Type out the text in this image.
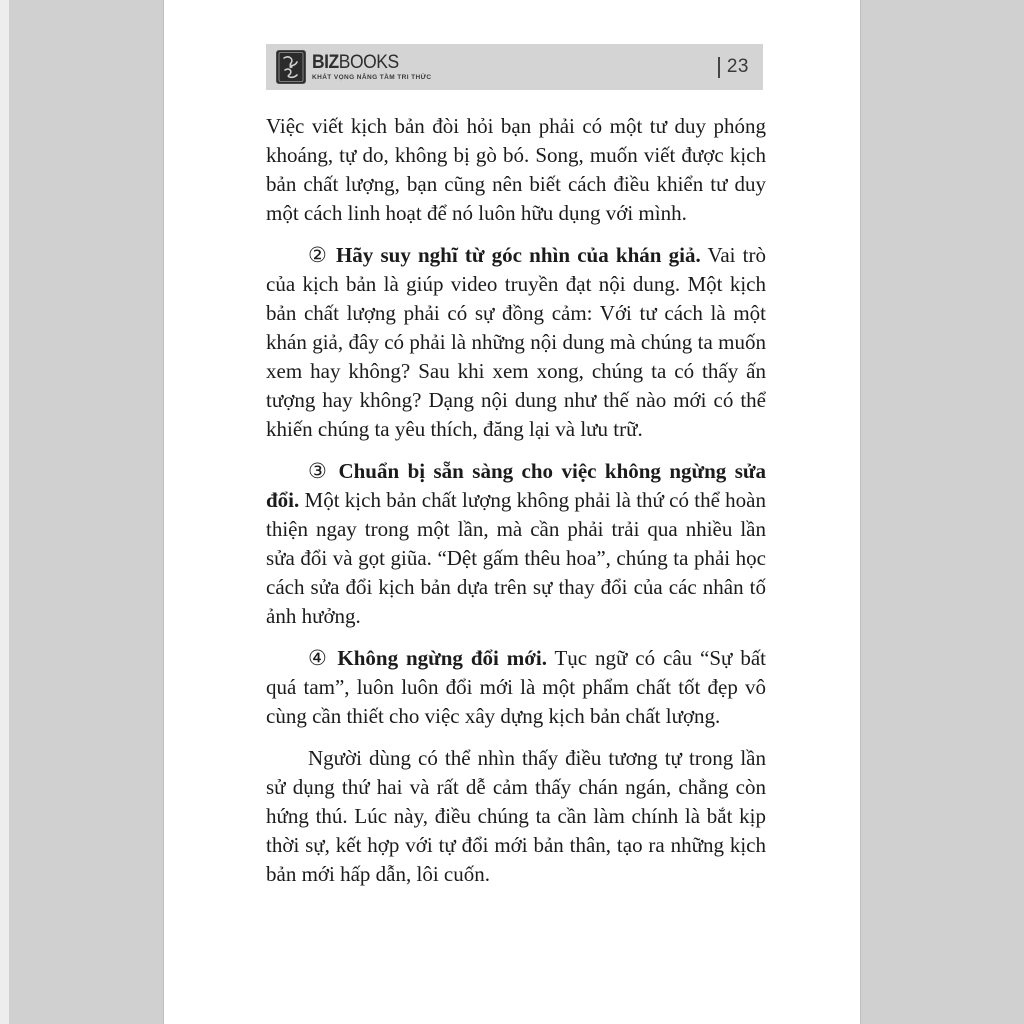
BIZBOOKS
KHÁT VỌNG NÂNG TẦM TRI THỨC
23

Việc viết kịch bản đòi hỏi bạn phải có một tư duy phóng khoáng, tự do, không bị gò bó. Song, muốn viết được kịch bản chất lượng, bạn cũng nên biết cách điều khiển tư duy một cách linh hoạt để nó luôn hữu dụng với mình.

② Hãy suy nghĩ từ góc nhìn của khán giả. Vai trò của kịch bản là giúp video truyền đạt nội dung. Một kịch bản chất lượng phải có sự đồng cảm: Với tư cách là một khán giả, đây có phải là những nội dung mà chúng ta muốn xem hay không? Sau khi xem xong, chúng ta có thấy ấn tượng hay không? Dạng nội dung như thế nào mới có thể khiến chúng ta yêu thích, đăng lại và lưu trữ.

③ Chuẩn bị sẵn sàng cho việc không ngừng sửa đổi. Một kịch bản chất lượng không phải là thứ có thể hoàn thiện ngay trong một lần, mà cần phải trải qua nhiều lần sửa đổi và gọt giũa. “Dệt gấm thêu hoa”, chúng ta phải học cách sửa đổi kịch bản dựa trên sự thay đổi của các nhân tố ảnh hưởng.

④ Không ngừng đổi mới. Tục ngữ có câu “Sự bất quá tam”, luôn luôn đổi mới là một phẩm chất tốt đẹp vô cùng cần thiết cho việc xây dựng kịch bản chất lượng.

Người dùng có thể nhìn thấy điều tương tự trong lần sử dụng thứ hai và rất dễ cảm thấy chán ngán, chẳng còn hứng thú. Lúc này, điều chúng ta cần làm chính là bắt kịp thời sự, kết hợp với tự đổi mới bản thân, tạo ra những kịch bản mới hấp dẫn, lôi cuốn.
